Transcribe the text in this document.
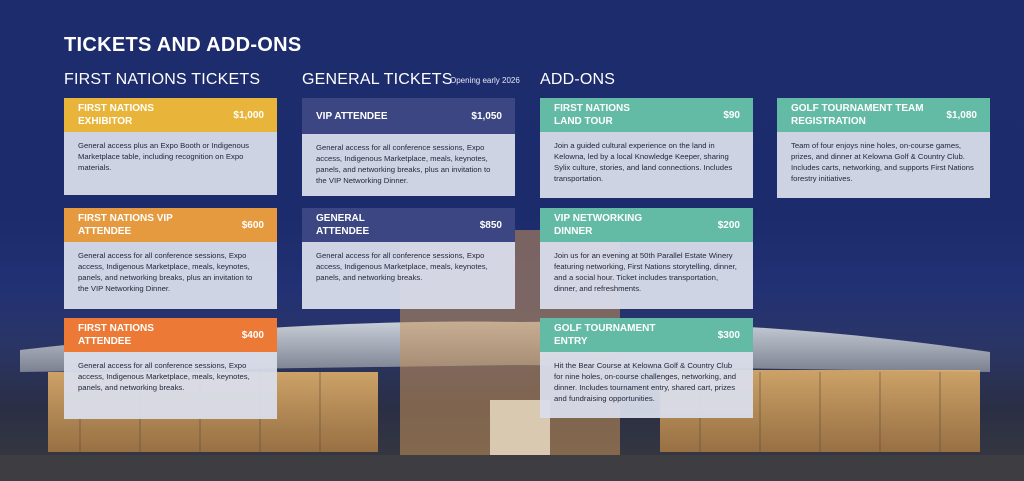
TICKETS AND ADD-ONS
FIRST NATIONS TICKETS	GENERAL TICKETS
Opening early 2026 ADD-ONS
FIRST NATIONS EXHIBITOR
$1,000
General access plus an Expo Booth or Indigenous Marketplace table, including recognition on Expo materials.
FIRST NATIONS VIP ATTENDEE
$600
General access for all conference sessions, Expo access, Indigenous Marketplace, meals, keynotes, panels, and networking breaks, plus an invitation to the VIP Networking Dinner.
FIRST NATIONS ATTENDEE
$400
General access for all conference sessions, Expo access, Indigenous Marketplace, meals, keynotes, panels, and networking breaks.
VIP ATTENDEE	$1,050
General access for all conference sessions, Expo access, Indigenous Marketplace, meals, keynotes, panels, and networking breaks, plus an invitation to the VIP Networking Dinner.
GENERAL ATTENDEE
$850
General access for all conference sessions, Expo access, Indigenous Marketplace, meals, keynotes, panels, and networking breaks.
FIRST NATIONS LAND TOUR
$90
Join a guided cultural experience on the land in Kelowna, led by a local Knowledge Keeper, sharing Sylix culture, stories, and land connections. Includes transportation.
VIP NETWORKING DINNER
$200
Join us for an evening at 50th Parallel Estate Winery featuring networking, First Nations storytelling, dinner, and a social hour. Ticket includes transportation, dinner, and refreshments.
GOLF TOURNAMENT ENTRY
$300
Hit the Bear Course at Kelowna Golf & Country Club for nine holes, on-course challenges, networking, and dinner. Includes tournament entry, shared cart, prizes and fundraising opportunities.
GOLF TOURNAMENT TEAM REGISTRATION
$1,080
Team of four enjoys nine holes, on-course games, prizes, and dinner at Kelowna Golf & Country Club. Includes carts, networking, and supports First Nations forestry initiatives.
